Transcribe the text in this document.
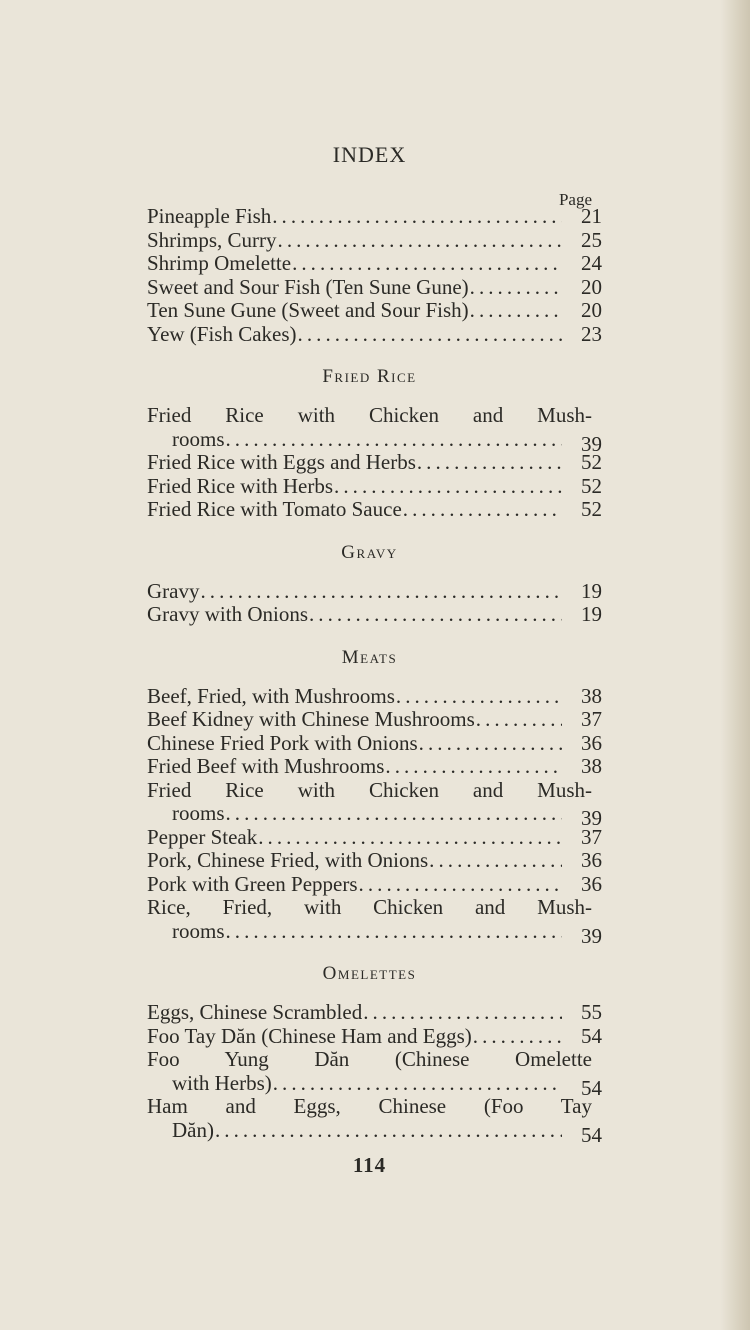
INDEX
Page
Pineapple Fish . . .	21
Shrimps, Curry . . .	25
Shrimp Omelette . . .	24
Sweet and Sour Fish (Ten Sune Gune) . . .	20
Ten Sune Gune (Sweet and Sour Fish) . . .	20
Yew (Fish Cakes) . . .	23
Fried Rice
Fried Rice with Chicken and Mush-
rooms . . .	39
Fried Rice with Eggs and Herbs . . .	52
Fried Rice with Herbs . . .	52
Fried Rice with Tomato Sauce . . .	52
Gravy
Gravy . . .	19
Gravy with Onions . . .	19
Meats
Beef, Fried, with Mushrooms . . .	38
Beef Kidney with Chinese Mushrooms . . .	37
Chinese Fried Pork with Onions . . .	36
Fried Beef with Mushrooms . . .	38
Fried Rice with Chicken and Mush-
rooms . . .	39
Pepper Steak . . .	37
Pork, Chinese Fried, with Onions . . .	36
Pork with Green Peppers . . .	36
Rice, Fried, with Chicken and Mush-
rooms . . .	39
Omelettes
Eggs, Chinese Scrambled . . .	55
Foo Tay Dăn (Chinese Ham and Eggs) . . .	54
Foo Yung Dăn (Chinese Omelette
with Herbs) . . .	54
Ham and Eggs, Chinese (Foo Tay
Dăn) . . .	54
114
